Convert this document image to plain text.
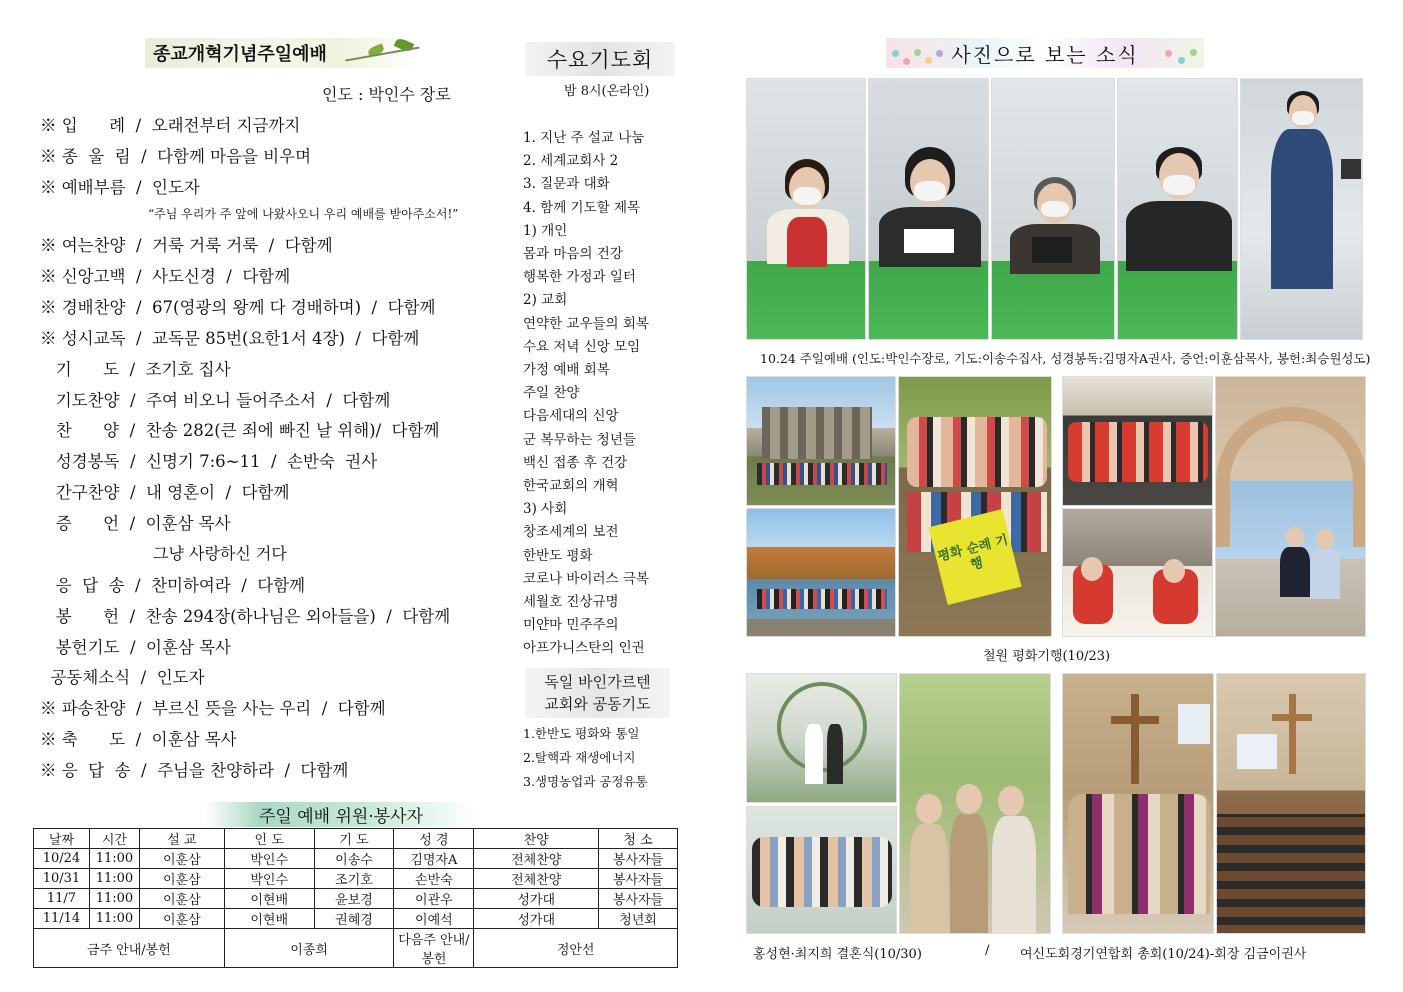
종교개혁기념주일예배
인도 : 박인수 장로
※ 입      례  /  오래전부터 지금까지
※ 종  울  림  /  다함께 마음을 비우며
※ 예배부름  /  인도자
※ 여는찬양  /  거룩 거룩 거룩  /  다함께
※ 신앙고백  /  사도신경  /  다함께
※ 경배찬양  /  67(영광의 왕께 다 경배하며)  /  다함께
※ 성시교독  /  교독문 85번(요한1서 4장)  /  다함께
기      도  /  조기호 집사
기도찬양  /  주여 비오니 들어주소서  /  다함께
찬      양  /  찬송 282(큰 죄에 빠진 날 위해)/  다함께
성경봉독  /  신명기 7:6~11  /  손반숙  권사
간구찬양  /  내 영혼이  /  다함께
증      언  /  이훈삼 목사
응  답  송  /  찬미하여라  /  다함께
봉      헌  /  찬송 294장(하나님은 외아들을)  /  다함께
봉헌기도  /  이훈삼 목사
공동체소식  /  인도자
※ 파송찬양  /  부르신 뜻을 사는 우리  /  다함께
※ 축      도  /  이훈삼 목사
※ 응  답  송  /  주님을 찬양하라  /  다함께
“주님 우리가 주 앞에 나왔사오니 우리 예배를 받아주소서!”
그냥 사랑하신 거다
수요기도회
밤 8시(온라인)
1. 지난 주 설교 나눔
2. 세계교회사 2
3. 질문과 대화
4. 함께 기도할 제목
1) 개인
몸과 마음의 건강
행복한 가정과 일터
2) 교회
연약한 교우들의 회복
수요 저녁 신앙 모임
가정 예배 회복
주일 찬양
다음세대의 신앙
군 복무하는 청년들
백신 접종 후 건강
한국교회의 개혁
3) 사회
창조세계의 보전
한반도 평화
코로나 바이러스 극복
세월호 진상규명
미얀마 민주주의
아프가니스탄의 인권
독일 바인가르텐
교회와 공동기도
1.한반도 평화와 통일
2.탈핵과 재생에너지
3.생명농업과 공정유통
주일 예배 위원·봉사자
날짜	시간	설 교	인 도	기 도	성 경	찬양	청 소
10/24	11:00	이훈삼	박인수	이송수	김명자A	전체찬양	봉사자들
10/31	11:00	이훈삼	박인수	조기호	손반숙	전체찬양	봉사자들
11/7	11:00	이훈삼	이현배	윤보경	이관우	성가대	봉사자들
11/14	11:00	이훈삼	이현배	권혜경	이예석	성가대	청년회
금주 안내/봉헌			이종희		다음주 안내/봉헌	정안선	
사진으로 보는 소식
10.24 주일예배 (인도:박인수장로, 기도:이송수집사, 성경봉독:김명자A권사, 증언:이훈삼목사, 봉헌:최승원성도)
평화 순례 기행
철원 평화기행(10/23)
홍성현·최지희 결혼식(10/30)	/ 여신도회경기연합회 총회(10/24)-회장 김금이권사
